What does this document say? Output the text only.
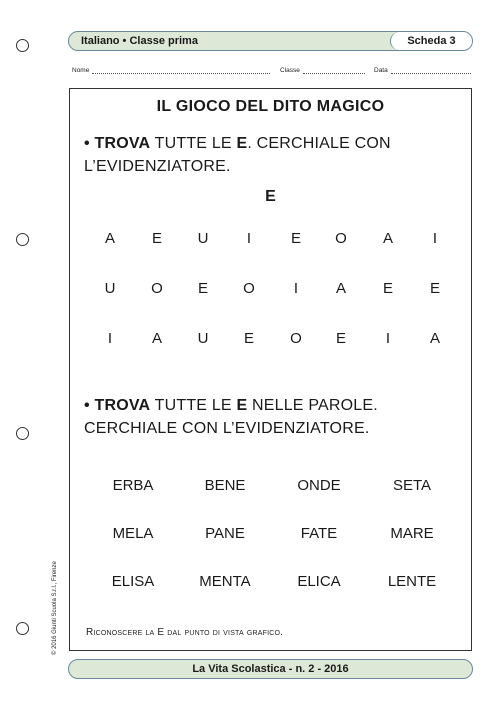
Italiano • Classe prima	Scheda 3
Nome	Classe	Data
IL GIOCO DEL DITO MAGICO
• TROVA TUTTE LE E. CERCHIALE CON
L’EVIDENZIATORE.
E
A	E	U	I	E	O	A	I
U	O	E	O	I	A	E	E
I	A	U	E	O	E	I	A
• TROVA TUTTE LE E NELLE PAROLE.
CERCHIALE CON L’EVIDENZIATORE.
ERBA	BENE	ONDE	SETA
MELA	PANE	FATE	MARE
ELISA	MENTA	ELICA	LENTE
Riconoscere la E dal punto di vista grafico.
© 2016 Giunti Scuola S.r.l., Firenze
La Vita Scolastica - n. 2 - 2016
